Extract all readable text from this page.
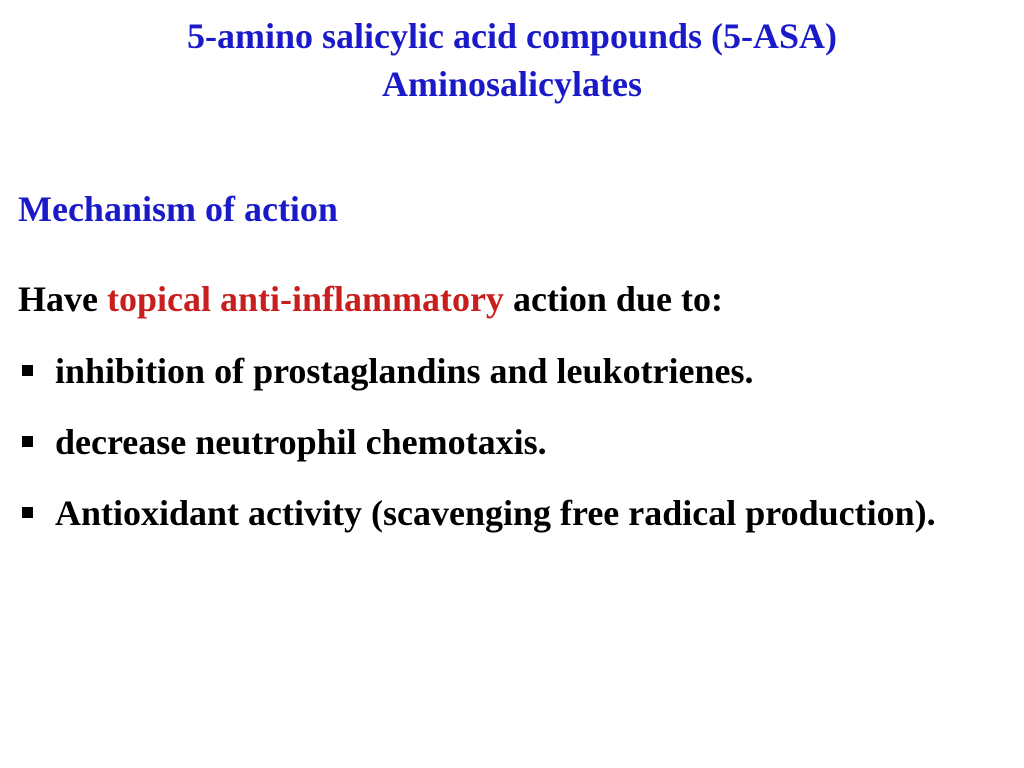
5-amino salicylic acid compounds (5-ASA)
Aminosalicylates
Mechanism of action
Have topical anti-inflammatory action due to:
inhibition of prostaglandins and leukotrienes.
decrease neutrophil chemotaxis.
Antioxidant activity (scavenging free radical production).
